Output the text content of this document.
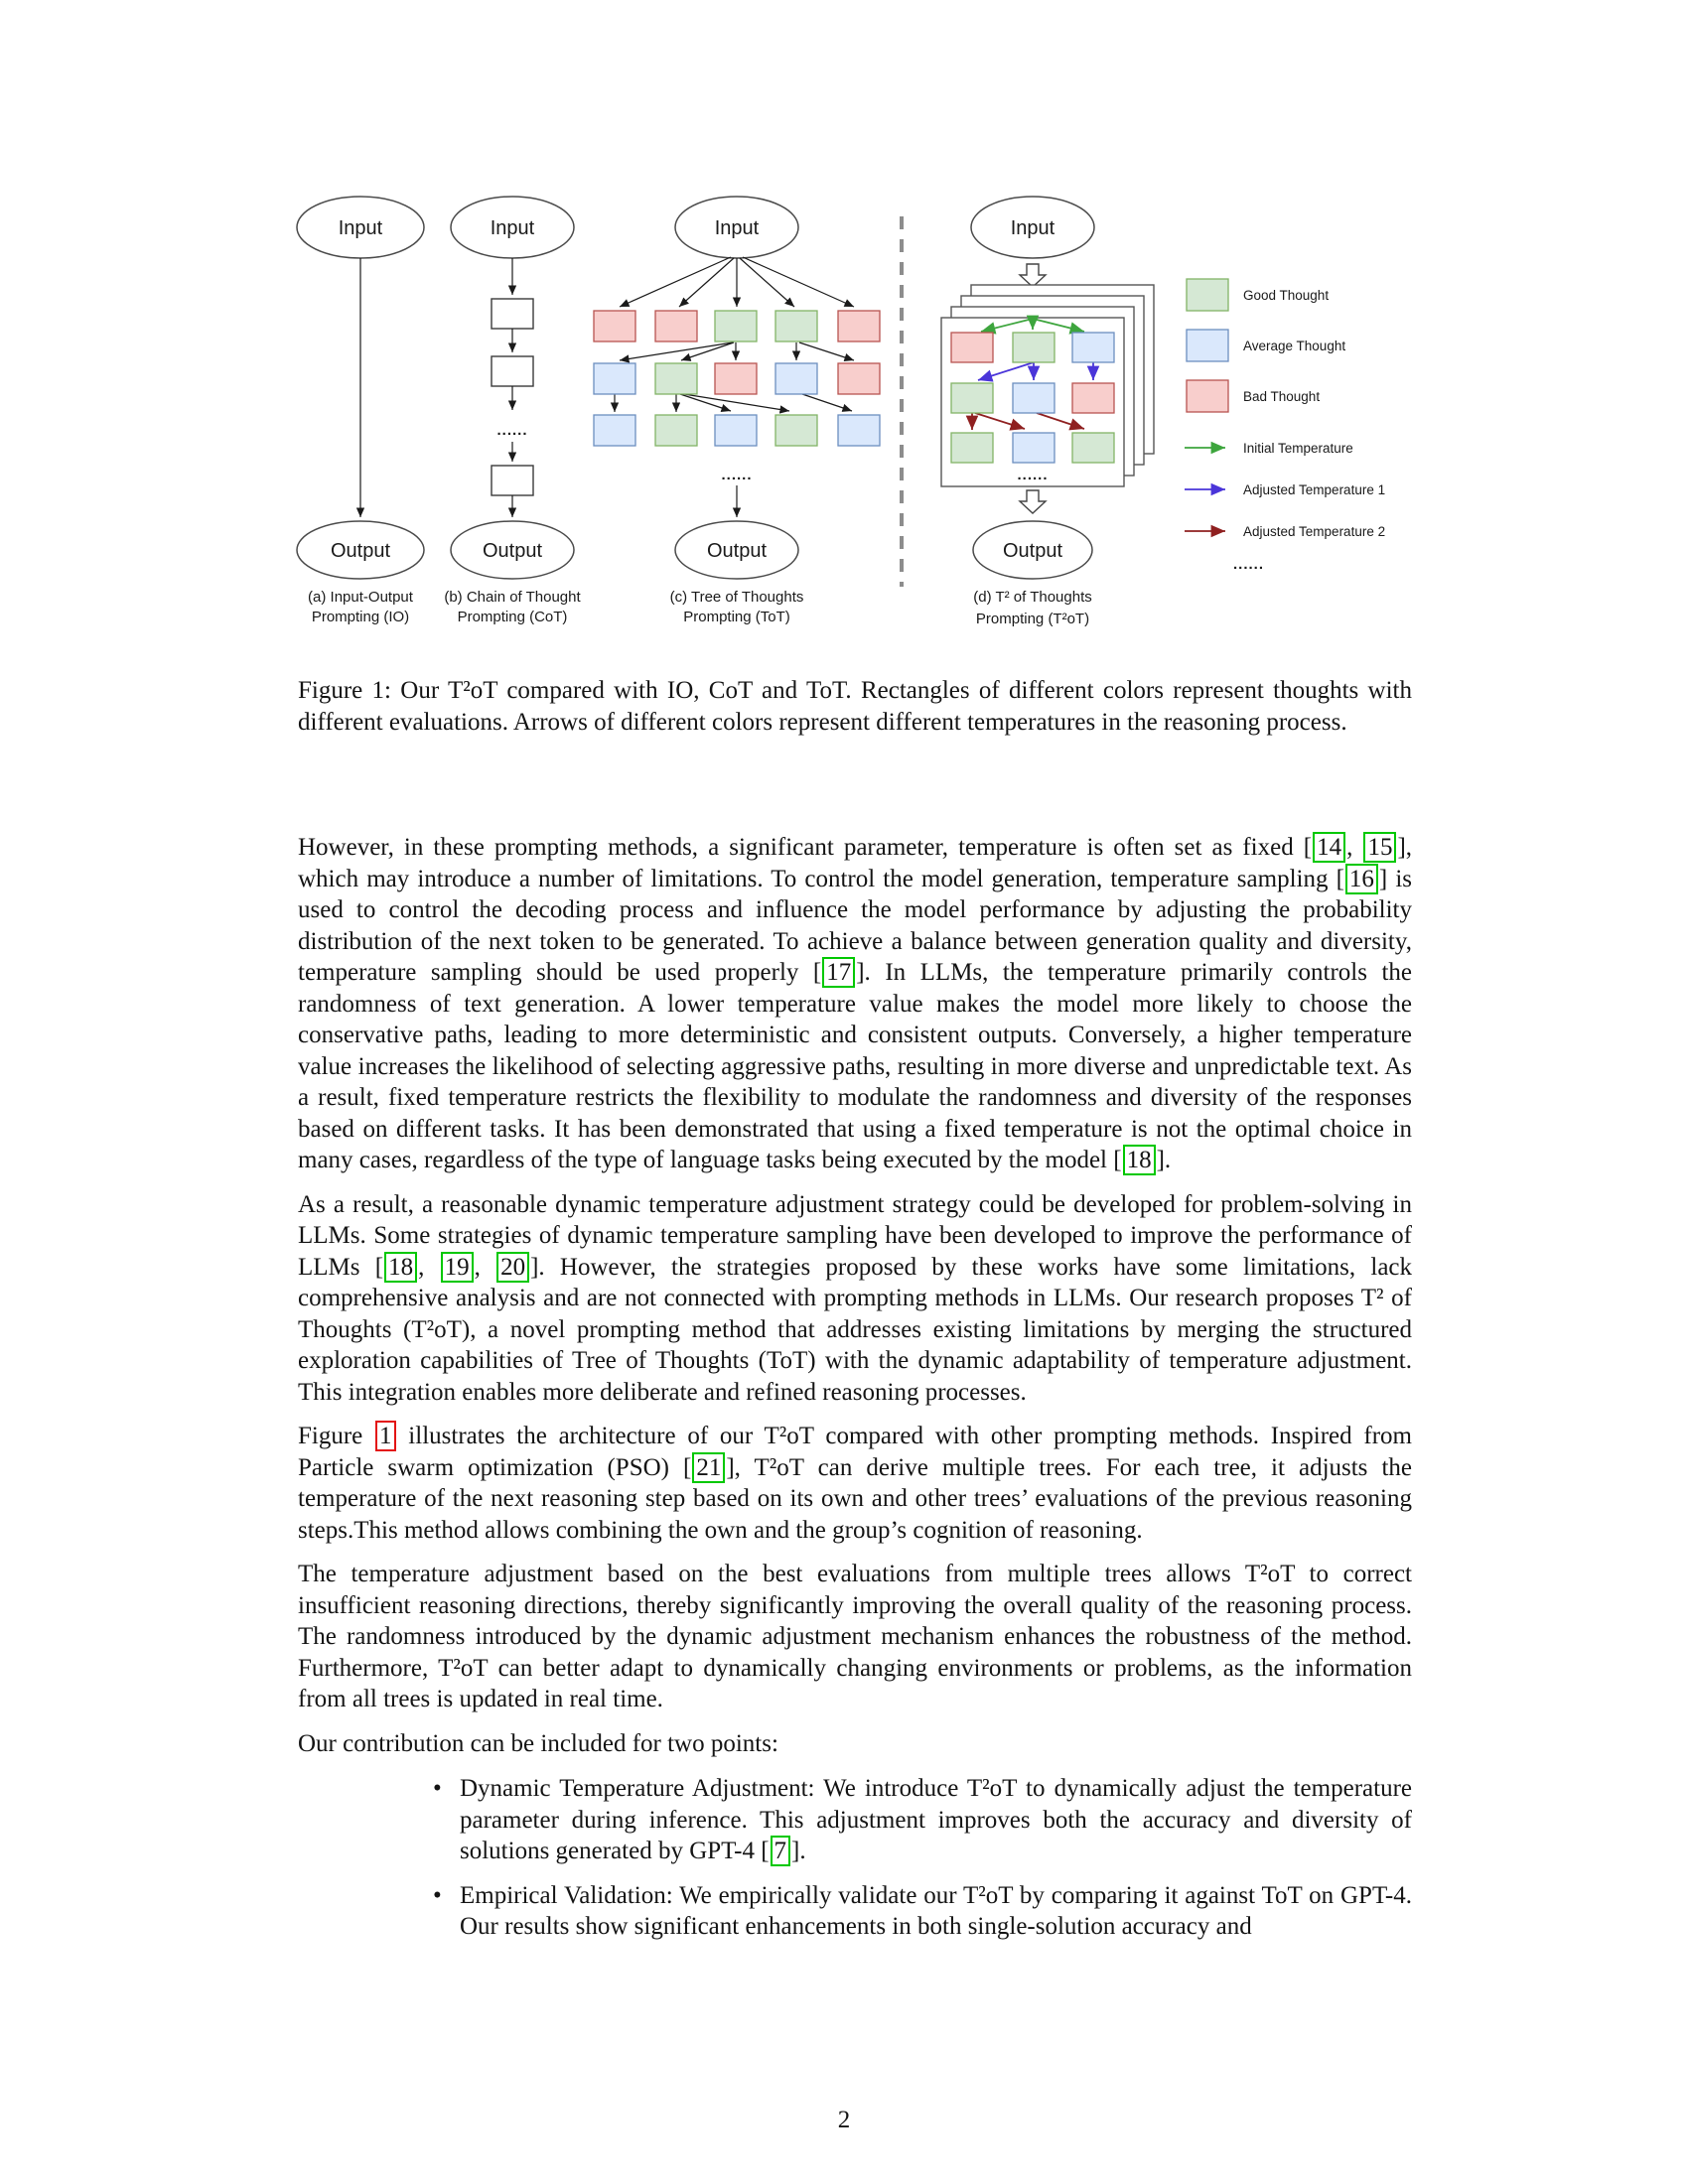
Input
Output
(a) Input-Output
Prompting (IO)
Input
......
Output
(b) Chain of Thought
Prompting (CoT)
Input
......
Output
(c) Tree of Thoughts
Prompting (ToT)
Input
......
Output
(d) T² of Thoughts
Prompting (T²oT)
Good Thought
Average Thought
Bad Thought
Initial Temperature
Adjusted Temperature 1
Adjusted Temperature 2
......
Figure 1: Our T²oT compared with IO, CoT and ToT. Rectangles of different colors represent thoughts with different evaluations. Arrows of different colors represent different temperatures in the reasoning process.

However, in these prompting methods, a significant parameter, temperature is often set as fixed [ 14 , 15 ], which may introduce a number of limitations. To control the model generation, temperature sampling [ 16 ] is used to control the decoding process and influence the model performance by adjusting the probability distribution of the next token to be generated. To achieve a balance between generation quality and diversity, temperature sampling should be used properly [ 17 ]. In LLMs, the temperature primarily controls the randomness of text generation. A lower temperature value makes the model more likely to choose the conservative paths, leading to more deterministic and consistent outputs. Conversely, a higher temperature value increases the likelihood of selecting aggressive paths, resulting in more diverse and unpredictable text. As a result, fixed temperature restricts the flexibility to modulate the randomness and diversity of the responses based on different tasks. It has been demonstrated that using a fixed temperature is not the optimal choice in many cases, regardless of the type of language tasks being executed by the model [ 18 ].

As a result, a reasonable dynamic temperature adjustment strategy could be developed for problem-solving in LLMs. Some strategies of dynamic temperature sampling have been developed to improve the performance of LLMs [ 18 , 19 , 20 ]. However, the strategies proposed by these works have some limitations, lack comprehensive analysis and are not connected with prompting methods in LLMs. Our research proposes T² of Thoughts (T²oT), a novel prompting method that addresses existing limitations by merging the structured exploration capabilities of Tree of Thoughts (ToT) with the dynamic adaptability of temperature adjustment. This integration enables more deliberate and refined reasoning processes.

Figure 1 illustrates the architecture of our T²oT compared with other prompting methods. Inspired from Particle swarm optimization (PSO) [ 21 ], T²oT can derive multiple trees. For each tree, it adjusts the temperature of the next reasoning step based on its own and other trees’ evaluations of the previous reasoning steps.This method allows combining the own and the group’s cognition of reasoning.

The temperature adjustment based on the best evaluations from multiple trees allows T²oT to correct insufficient reasoning directions, thereby significantly improving the overall quality of the reasoning process. The randomness introduced by the dynamic adjustment mechanism enhances the robustness of the method. Furthermore, T²oT can better adapt to dynamically changing environments or problems, as the information from all trees is updated in real time.

Our contribution can be included for two points:

• Dynamic Temperature Adjustment: We introduce T²oT to dynamically adjust the temperature parameter during inference. This adjustment improves both the accuracy and diversity of solutions generated by GPT-4 [ 7 ].
• Empirical Validation: We empirically validate our T²oT by comparing it against ToT on GPT-4. Our results show significant enhancements in both single-solution accuracy and
2
